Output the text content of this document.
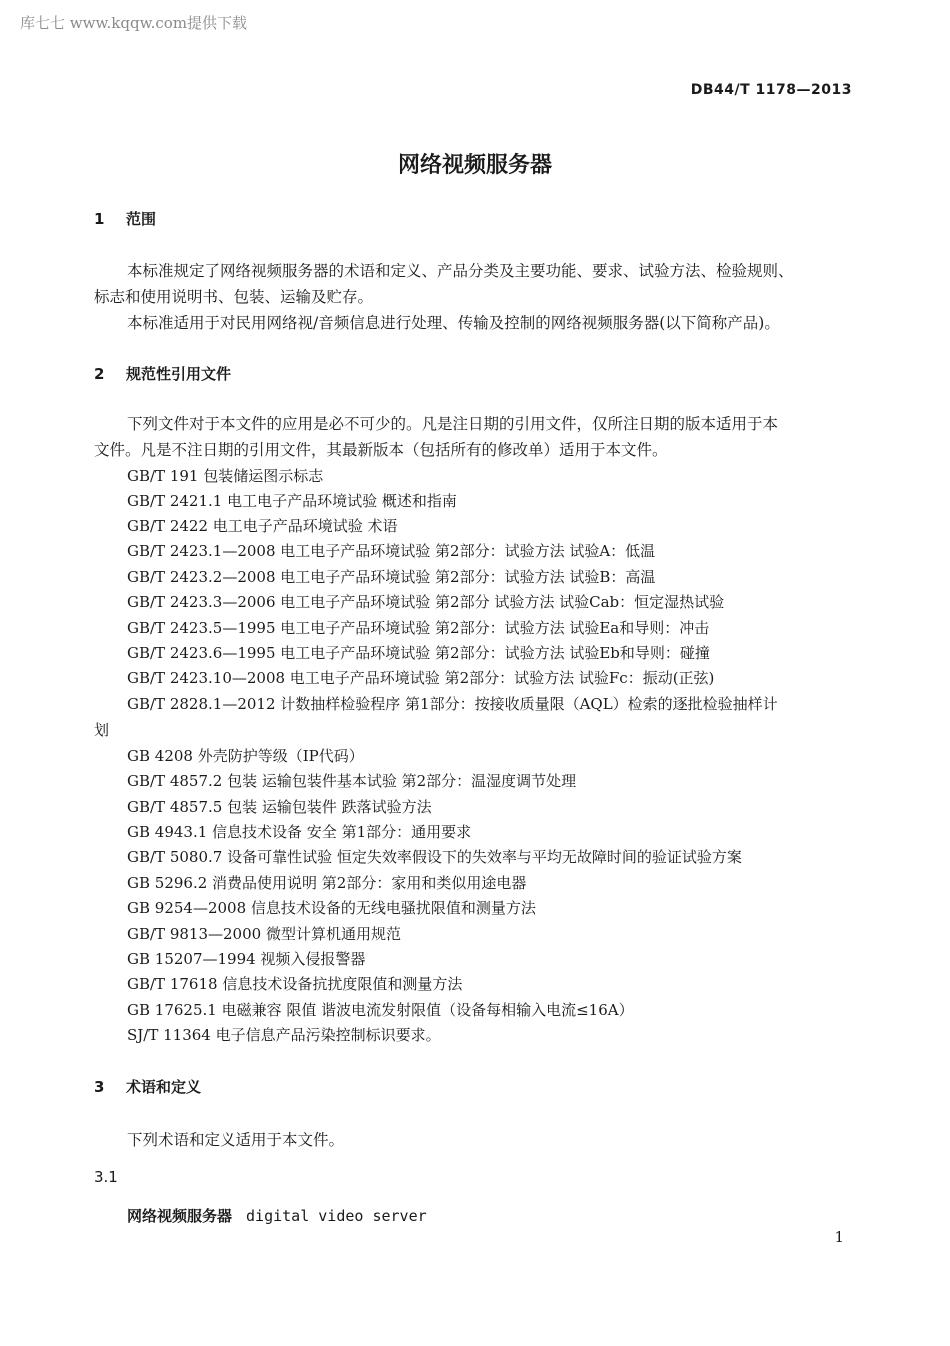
库七七 www.kqqw.com提供下载
DB44/T 1178—2013
网络视频服务器
1 范围
本标准规定了网络视频服务器的术语和定义、产品分类及主要功能、要求、试验方法、检验规则、
标志和使用说明书、包装、运输及贮存。
本标准适用于对民用网络视/音频信息进行处理、传输及控制的网络视频服务器(以下简称产品)。
2 规范性引用文件
下列文件对于本文件的应用是必不可少的。凡是注日期的引用文件，仅所注日期的版本适用于本
文件。凡是不注日期的引用文件，其最新版本（包括所有的修改单）适用于本文件。
GB/T 191 包装储运图示标志
GB/T 2421.1 电工电子产品环境试验 概述和指南
GB/T 2422 电工电子产品环境试验 术语
GB/T 2423.1—2008 电工电子产品环境试验 第2部分：试验方法 试验A：低温
GB/T 2423.2—2008 电工电子产品环境试验 第2部分：试验方法 试验B：高温
GB/T 2423.3—2006 电工电子产品环境试验 第2部分 试验方法 试验Cab：恒定湿热试验
GB/T 2423.5—1995 电工电子产品环境试验 第2部分：试验方法 试验Ea和导则：冲击
GB/T 2423.6—1995 电工电子产品环境试验 第2部分：试验方法 试验Eb和导则：碰撞
GB/T 2423.10—2008 电工电子产品环境试验 第2部分：试验方法 试验Fc：振动(正弦)
GB/T 2828.1—2012 计数抽样检验程序 第1部分：按接收质量限（AQL）检索的逐批检验抽样计
划
GB 4208 外壳防护等级（IP代码）
GB/T 4857.2 包装 运输包装件基本试验 第2部分：温湿度调节处理
GB/T 4857.5 包装 运输包装件 跌落试验方法
GB 4943.1 信息技术设备 安全 第1部分：通用要求
GB/T 5080.7 设备可靠性试验 恒定失效率假设下的失效率与平均无故障时间的验证试验方案
GB 5296.2 消费品使用说明 第2部分：家用和类似用途电器
GB 9254—2008 信息技术设备的无线电骚扰限值和测量方法
GB/T 9813—2000 微型计算机通用规范
GB 15207—1994 视频入侵报警器
GB/T 17618 信息技术设备抗扰度限值和测量方法
GB 17625.1 电磁兼容 限值 谐波电流发射限值（设备每相输入电流≤16A）
SJ/T 11364 电子信息产品污染控制标识要求。
3 术语和定义
下列术语和定义适用于本文件。
3.1
网络视频服务器 digital video server
1
